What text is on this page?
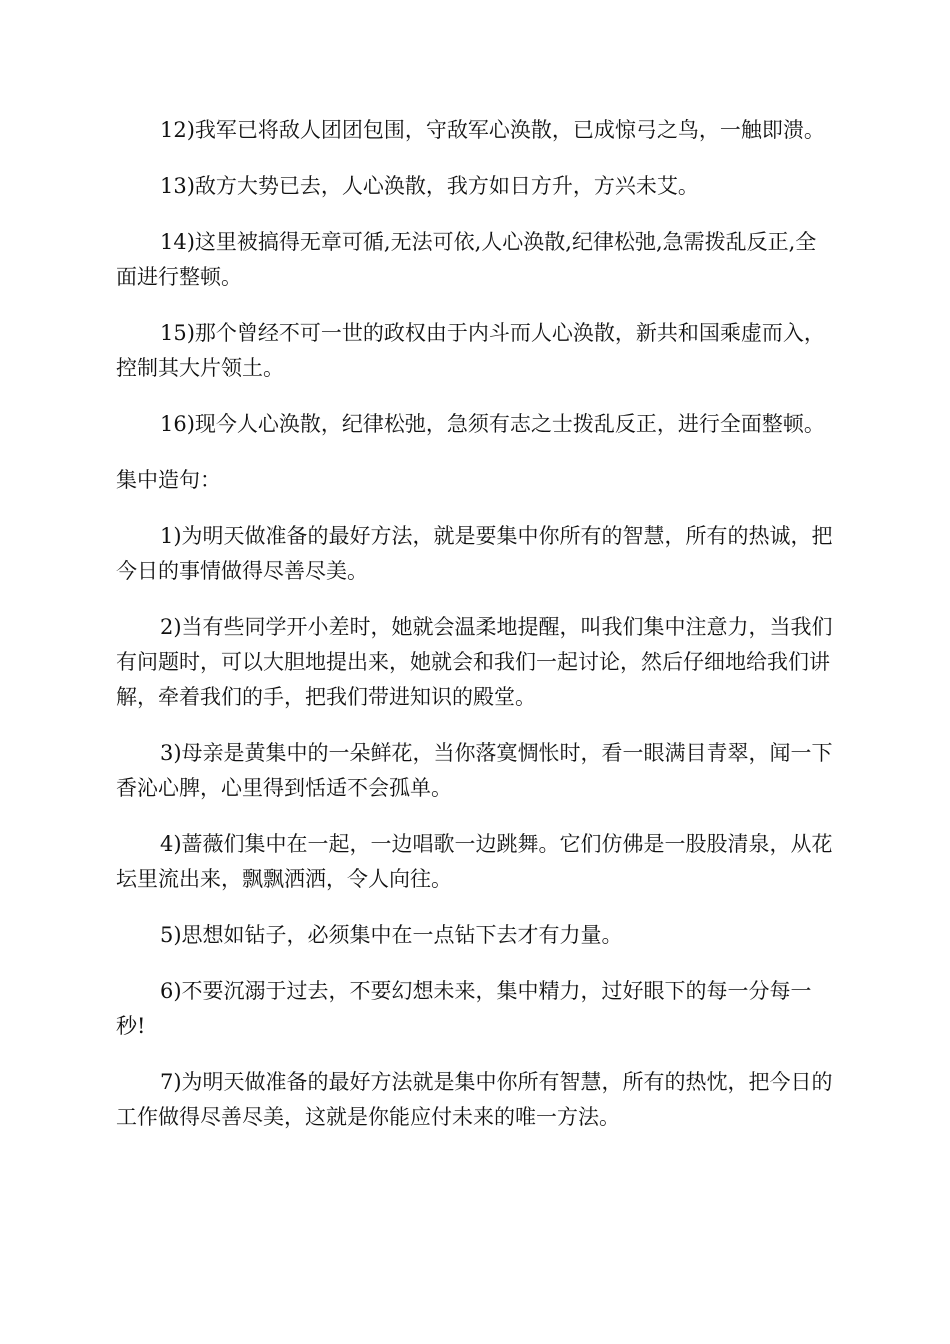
12)我军已将敌人团团包围，守敌军心涣散，已成惊弓之鸟，一触即溃。

13)敌方大势已去，人心涣散，我方如日方升，方兴未艾。

14)这里被搞得无章可循,无法可依,人心涣散,纪律松弛,急需拨乱反正,全面进行整顿。

15)那个曾经不可一世的政权由于内斗而人心涣散，新共和国乘虚而入，控制其大片领土。

16)现今人心涣散，纪律松弛，急须有志之士拨乱反正，进行全面整顿。

集中造句：

1)为明天做准备的最好方法，就是要集中你所有的智慧，所有的热诚，把今日的事情做得尽善尽美。

2)当有些同学开小差时，她就会温柔地提醒，叫我们集中注意力，当我们有问题时，可以大胆地提出来，她就会和我们一起讨论，然后仔细地给我们讲解，牵着我们的手，把我们带进知识的殿堂。

3)母亲是黄集中的一朵鲜花，当你落寞惆怅时，看一眼满目青翠，闻一下香沁心脾，心里得到恬适不会孤单。

4)蔷薇们集中在一起，一边唱歌一边跳舞。它们仿佛是一股股清泉，从花坛里流出来，飘飘洒洒，令人向往。

5)思想如钻子，必须集中在一点钻下去才有力量。

6)不要沉溺于过去，不要幻想未来，集中精力，过好眼下的每一分每一秒!

7)为明天做准备的最好方法就是集中你所有智慧，所有的热忱，把今日的工作做得尽善尽美，这就是你能应付未来的唯一方法。
